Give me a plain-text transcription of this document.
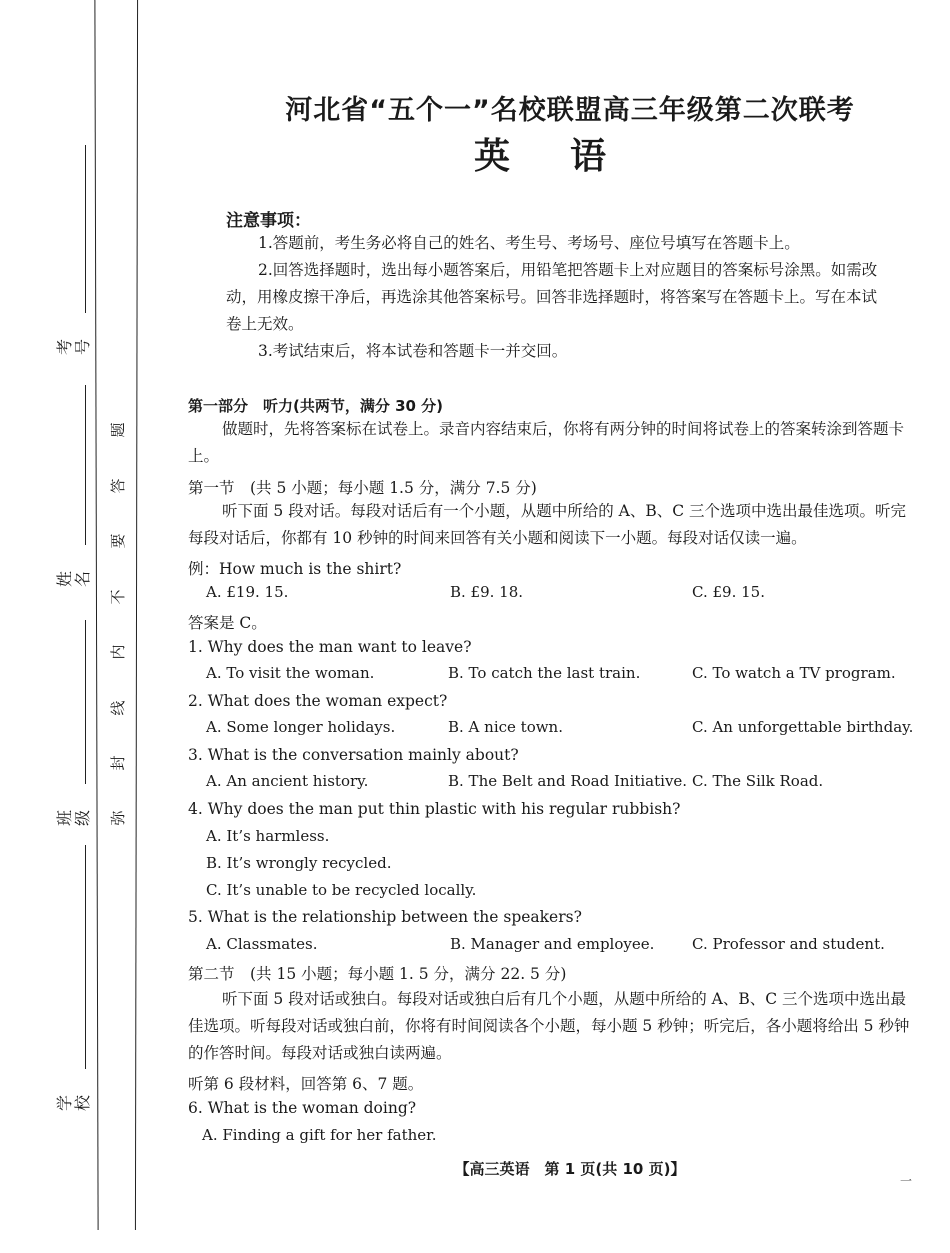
考号
姓名
班级
学校
题
答
要
不
内
线
封
弥
河北省“五个一”名校联盟高三年级第二次联考
英语
注意事项：

1.答题前，考生务必将自己的姓名、考生号、考场号、座位号填写在答题卡上。

2.回答选择题时，选出每小题答案后，用铅笔把答题卡上对应题目的答案标号涂黑。如需改动，用橡皮擦干净后，再选涂其他答案标号。回答非选择题时，将答案写在答题卡上。写在本试卷上无效。

3.考试结束后，将本试卷和答题卡一并交回。

第一部分　听力(共两节，满分 30 分)

做题时，先将答案标在试卷上。录音内容结束后，你将有两分钟的时间将试卷上的答案转涂到答题卡上。

第一节　(共 5 小题；每小题 1.5 分，满分 7.5 分)

听下面 5 段对话。每段对话后有一个小题，从题中所给的 A、B、C 三个选项中选出最佳选项。听完每段对话后，你都有 10 秒钟的时间来回答有关小题和阅读下一小题。每段对话仅读一遍。

例：How much is the shirt?
A. £19. 15.	B. £9. 18.	C. £9. 15.
答案是 C。
1. Why does the man want to leave?
A. To visit the woman.	B. To catch the last train.	C. To watch a TV program.
2. What does the woman expect?
A. Some longer holidays.	B. A nice town.	C. An unforgettable birthday.
3. What is the conversation mainly about?
A. An ancient history.	B. The Belt and Road Initiative. C. The Silk Road.
4. Why does the man put thin plastic with his regular rubbish?
A. It’s harmless.
B. It’s wrongly recycled.
C. It’s unable to be recycled locally.
5. What is the relationship between the speakers?
A. Classmates.	B. Manager and employee.	C. Professor and student.
第二节　(共 15 小题；每小题 1. 5 分，满分 22. 5 分)

听下面 5 段对话或独白。每段对话或独白后有几个小题，从题中所给的 A、B、C 三个选项中选出最佳选项。听每段对话或独白前，你将有时间阅读各个小题，每小题 5 秒钟；听完后，各小题将给出 5 秒钟的作答时间。每段对话或独白读两遍。

听第 6 段材料，回答第 6、7 题。
6. What is the woman doing?
A. Finding a gift for her father.
【高三英语　第 1 页(共 10 页)】
一
